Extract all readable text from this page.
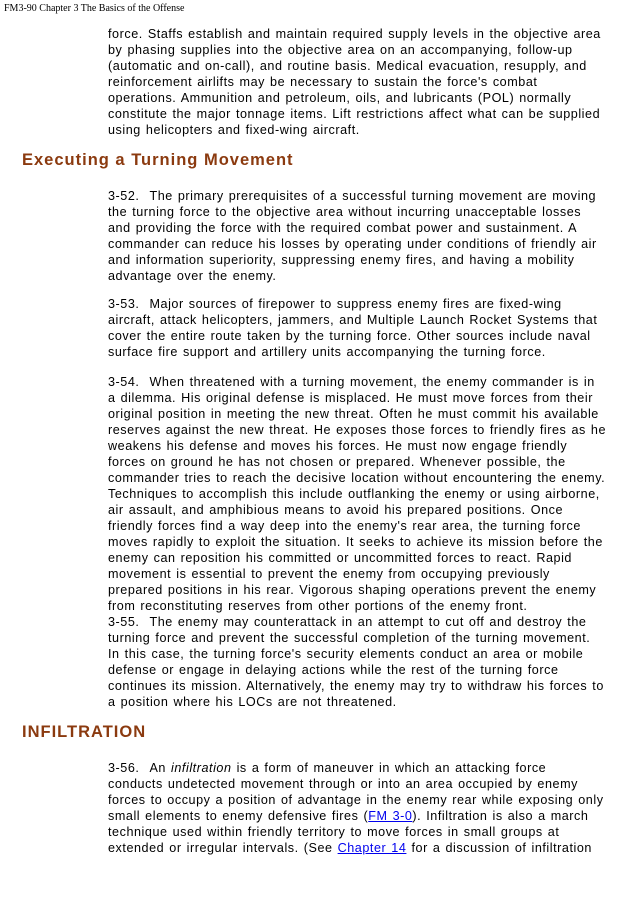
FM3-90 Chapter 3 The Basics of the Offense

force. Staffs establish and maintain required supply levels in the objective area by phasing supplies into the objective area on an accompanying, follow-up (automatic and on-call), and routine basis. Medical evacuation, resupply, and reinforcement airlifts may be necessary to sustain the force's combat operations. Ammunition and petroleum, oils, and lubricants (POL) normally constitute the major tonnage items. Lift restrictions affect what can be supplied using helicopters and fixed-wing aircraft.

Executing a Turning Movement

3-52. The primary prerequisites of a successful turning movement are moving the turning force to the objective area without incurring unacceptable losses and providing the force with the required combat power and sustainment. A commander can reduce his losses by operating under conditions of friendly air and information superiority, suppressing enemy fires, and having a mobility advantage over the enemy.

3-53. Major sources of firepower to suppress enemy fires are fixed-wing aircraft, attack helicopters, jammers, and Multiple Launch Rocket Systems that cover the entire route taken by the turning force. Other sources include naval surface fire support and artillery units accompanying the turning force.

3-54. When threatened with a turning movement, the enemy commander is in a dilemma. His original defense is misplaced. He must move forces from their original position in meeting the new threat. Often he must commit his available reserves against the new threat. He exposes those forces to friendly fires as he weakens his defense and moves his forces. He must now engage friendly forces on ground he has not chosen or prepared. Whenever possible, the commander tries to reach the decisive location without encountering the enemy. Techniques to accomplish this include outflanking the enemy or using airborne, air assault, and amphibious means to avoid his prepared positions. Once friendly forces find a way deep into the enemy's rear area, the turning force moves rapidly to exploit the situation. It seeks to achieve its mission before the enemy can reposition his committed or uncommitted forces to react. Rapid movement is essential to prevent the enemy from occupying previously prepared positions in his rear. Vigorous shaping operations prevent the enemy from reconstituting reserves from other portions of the enemy front.

3-55. The enemy may counterattack in an attempt to cut off and destroy the turning force and prevent the successful completion of the turning movement. In this case, the turning force's security elements conduct an area or mobile defense or engage in delaying actions while the rest of the turning force continues its mission. Alternatively, the enemy may try to withdraw his forces to a position where his LOCs are not threatened.

INFILTRATION

3-56. An infiltration is a form of maneuver in which an attacking force conducts undetected movement through or into an area occupied by enemy forces to occupy a position of advantage in the enemy rear while exposing only small elements to enemy defensive fires (FM 3-0). Infiltration is also a march technique used within friendly territory to move forces in small groups at extended or irregular intervals. (See Chapter 14 for a discussion of infiltration
